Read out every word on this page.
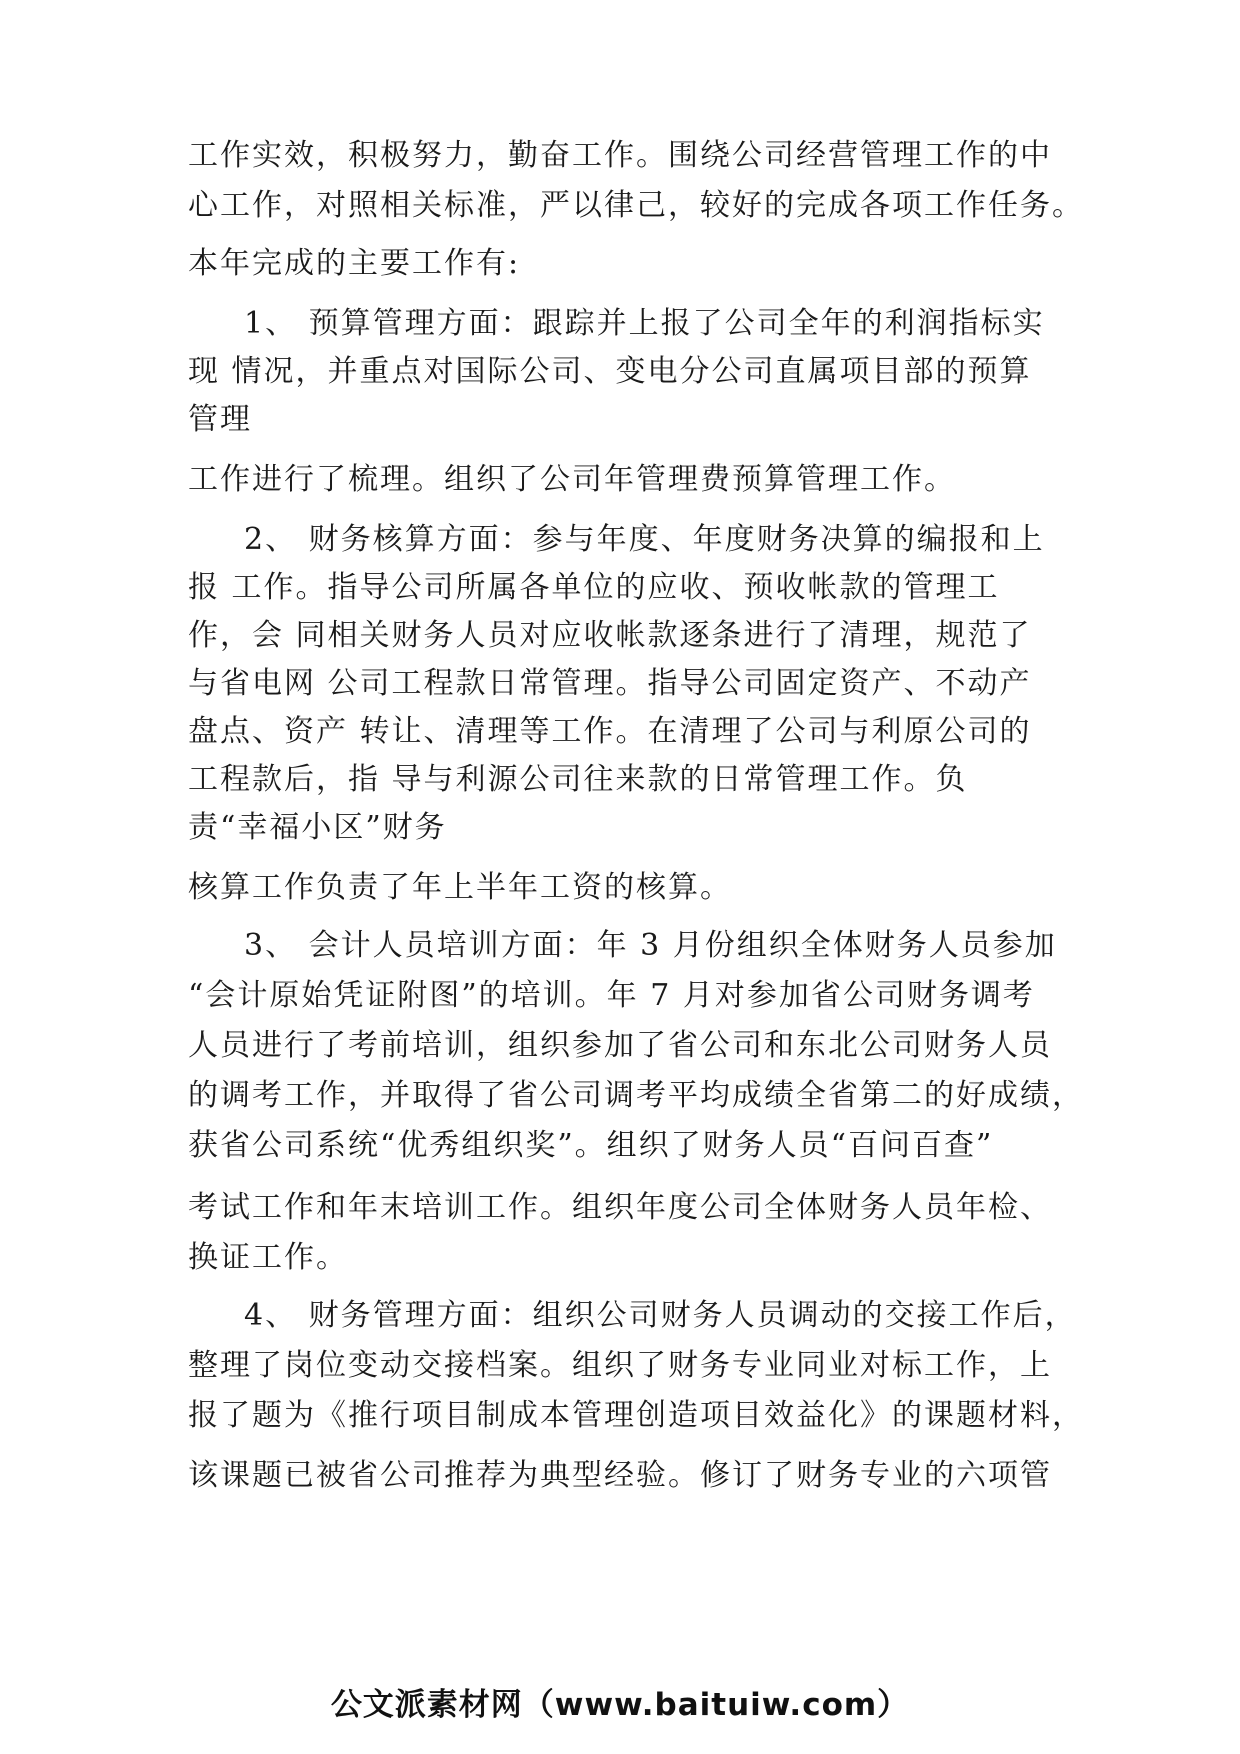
工作实效，积极努力，勤奋工作。围绕公司经营管理工作的中
心工作，对照相关标准，严以律己，较好的完成各项工作任务。
本年完成的主要工作有:
1、 预算管理方面：跟踪并上报了公司全年的利润指标实
现 情况，并重点对国际公司、变电分公司直属项目部的预算
管理
工作进行了梳理。组织了公司年管理费预算管理工作。
2、 财务核算方面：参与年度、年度财务决算的编报和上
报 工作。指导公司所属各单位的应收、预收帐款的管理工
作，会 同相关财务人员对应收帐款逐条进行了清理，规范了
与省电网 公司工程款日常管理。指导公司固定资产、不动产
盘点、资产 转让、清理等工作。在清理了公司与利原公司的
工程款后，指 导与利源公司往来款的日常管理工作。负
责“幸福小区”财务
核算工作负责了年上半年工资的核算。
3、 会计人员培训方面：年 3 月份组织全体财务人员参加
“会计原始凭证附图”的培训。年 7 月对参加省公司财务调考
人员进行了考前培训，组织参加了省公司和东北公司财务人员
的调考工作，并取得了省公司调考平均成绩全省第二的好成绩，
获省公司系统“优秀组织奖”。组织了财务人员“百问百查”
考试工作和年末培训工作。组织年度公司全体财务人员年检、
换证工作。
4、 财务管理方面：组织公司财务人员调动的交接工作后，
整理了岗位变动交接档案。组织了财务专业同业对标工作，上
报了题为《推行项目制成本管理创造项目效益化》的课题材料，
该课题已被省公司推荐为典型经验。修订了财务专业的六项管
公文派素材网（www.baituiw.com）
